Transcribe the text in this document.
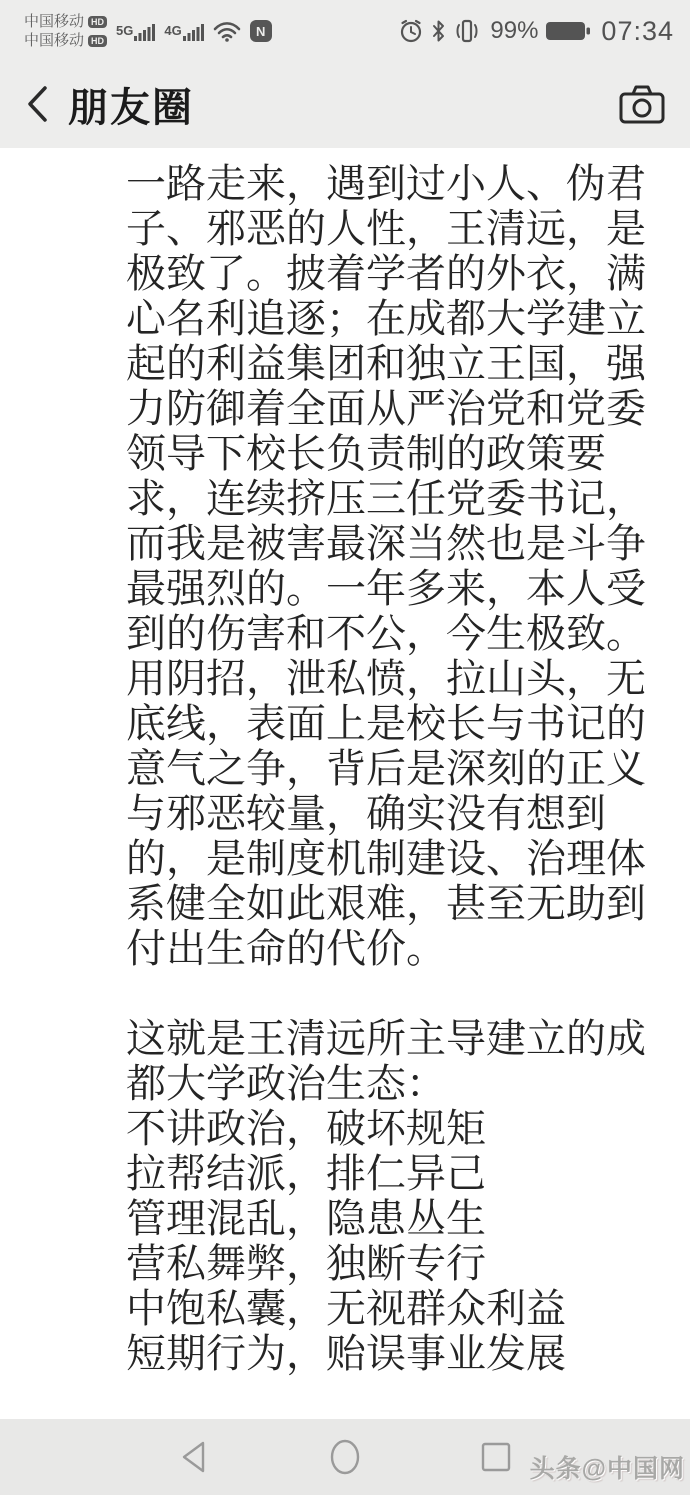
中国移动 HD
中国移动 HD
5G 4G	N	99% 07:34
朋友圈
一路走来，遇到过小人、伪君
子、邪恶的人性，王清远，是
极致了。披着学者的外衣，满
心名利追逐；在成都大学建立
起的利益集团和独立王国，强
力防御着全面从严治党和党委
领导下校长负责制的政策要
求，连续挤压三任党委书记，
而我是被害最深当然也是斗争
最强烈的。一年多来，本人受
到的伤害和不公，今生极致。
用阴招，泄私愤，拉山头，无
底线，表面上是校长与书记的
意气之争，背后是深刻的正义
与邪恶较量，确实没有想到
的，是制度机制建设、治理体
系健全如此艰难，甚至无助到
付出生命的代价。

这就是王清远所主导建立的成
都大学政治生态：
不讲政治，破坏规矩
拉帮结派，排仁异己
管理混乱，隐患丛生
营私舞弊，独断专行
中饱私囊，无视群众利益
短期行为，贻误事业发展
头条@中国网
